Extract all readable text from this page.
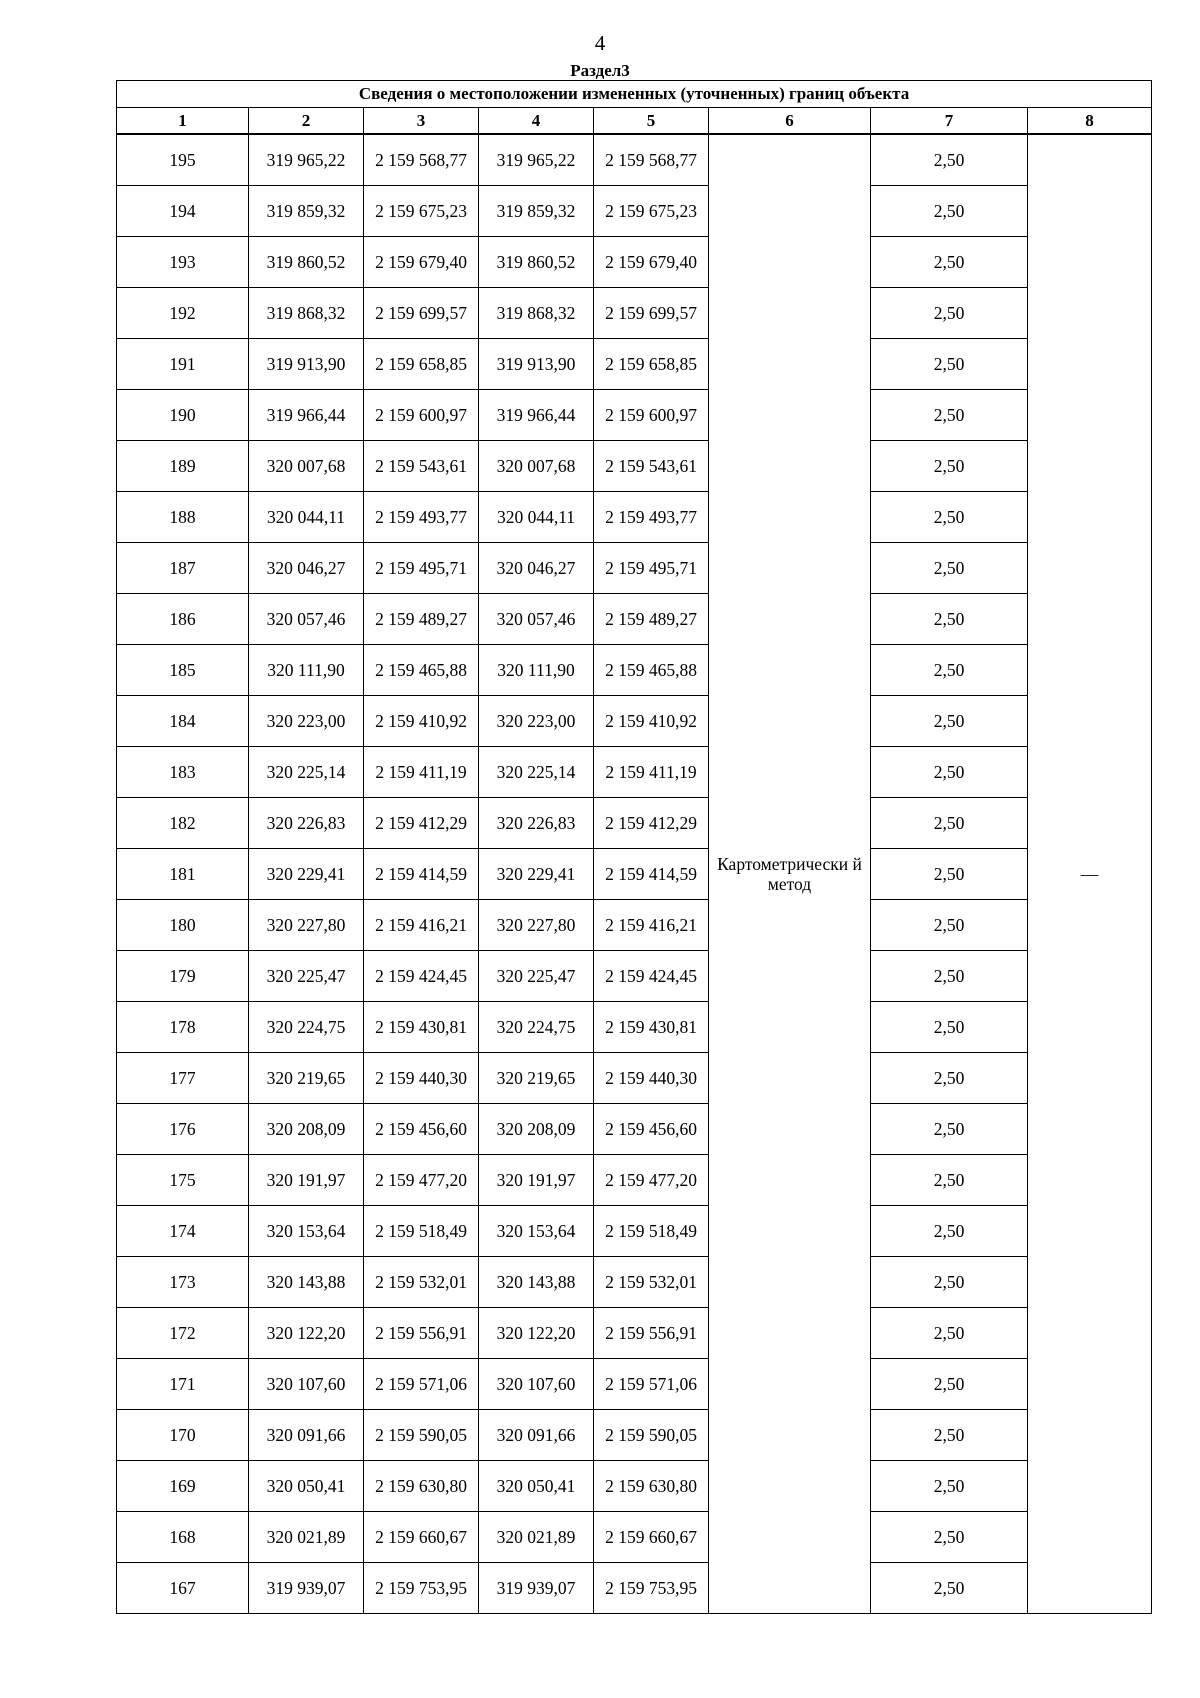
4
Раздел3
Сведения о местоположении измененных (уточненных) границ объекта							
1	2	3	4	5	6	7	8
195	319 965,22	2 159 568,77	319 965,22	2 159 568,77	Картометрически й метод	2,50	—
194	319 859,32	2 159 675,23	319 859,32	2 159 675,23		2,50	
193	319 860,52	2 159 679,40	319 860,52	2 159 679,40		2,50	
192	319 868,32	2 159 699,57	319 868,32	2 159 699,57		2,50	
191	319 913,90	2 159 658,85	319 913,90	2 159 658,85		2,50	
190	319 966,44	2 159 600,97	319 966,44	2 159 600,97		2,50	
189	320 007,68	2 159 543,61	320 007,68	2 159 543,61		2,50	
188	320 044,11	2 159 493,77	320 044,11	2 159 493,77		2,50	
187	320 046,27	2 159 495,71	320 046,27	2 159 495,71		2,50	
186	320 057,46	2 159 489,27	320 057,46	2 159 489,27		2,50	
185	320 111,90	2 159 465,88	320 111,90	2 159 465,88		2,50	
184	320 223,00	2 159 410,92	320 223,00	2 159 410,92		2,50	
183	320 225,14	2 159 411,19	320 225,14	2 159 411,19		2,50	
182	320 226,83	2 159 412,29	320 226,83	2 159 412,29		2,50	
181	320 229,41	2 159 414,59	320 229,41	2 159 414,59		2,50	
180	320 227,80	2 159 416,21	320 227,80	2 159 416,21		2,50	
179	320 225,47	2 159 424,45	320 225,47	2 159 424,45		2,50	
178	320 224,75	2 159 430,81	320 224,75	2 159 430,81		2,50	
177	320 219,65	2 159 440,30	320 219,65	2 159 440,30		2,50	
176	320 208,09	2 159 456,60	320 208,09	2 159 456,60		2,50	
175	320 191,97	2 159 477,20	320 191,97	2 159 477,20		2,50	
174	320 153,64	2 159 518,49	320 153,64	2 159 518,49		2,50	
173	320 143,88	2 159 532,01	320 143,88	2 159 532,01		2,50	
172	320 122,20	2 159 556,91	320 122,20	2 159 556,91		2,50	
171	320 107,60	2 159 571,06	320 107,60	2 159 571,06		2,50	
170	320 091,66	2 159 590,05	320 091,66	2 159 590,05		2,50	
169	320 050,41	2 159 630,80	320 050,41	2 159 630,80		2,50	
168	320 021,89	2 159 660,67	320 021,89	2 159 660,67		2,50	
167	319 939,07	2 159 753,95	319 939,07	2 159 753,95		2,50	
